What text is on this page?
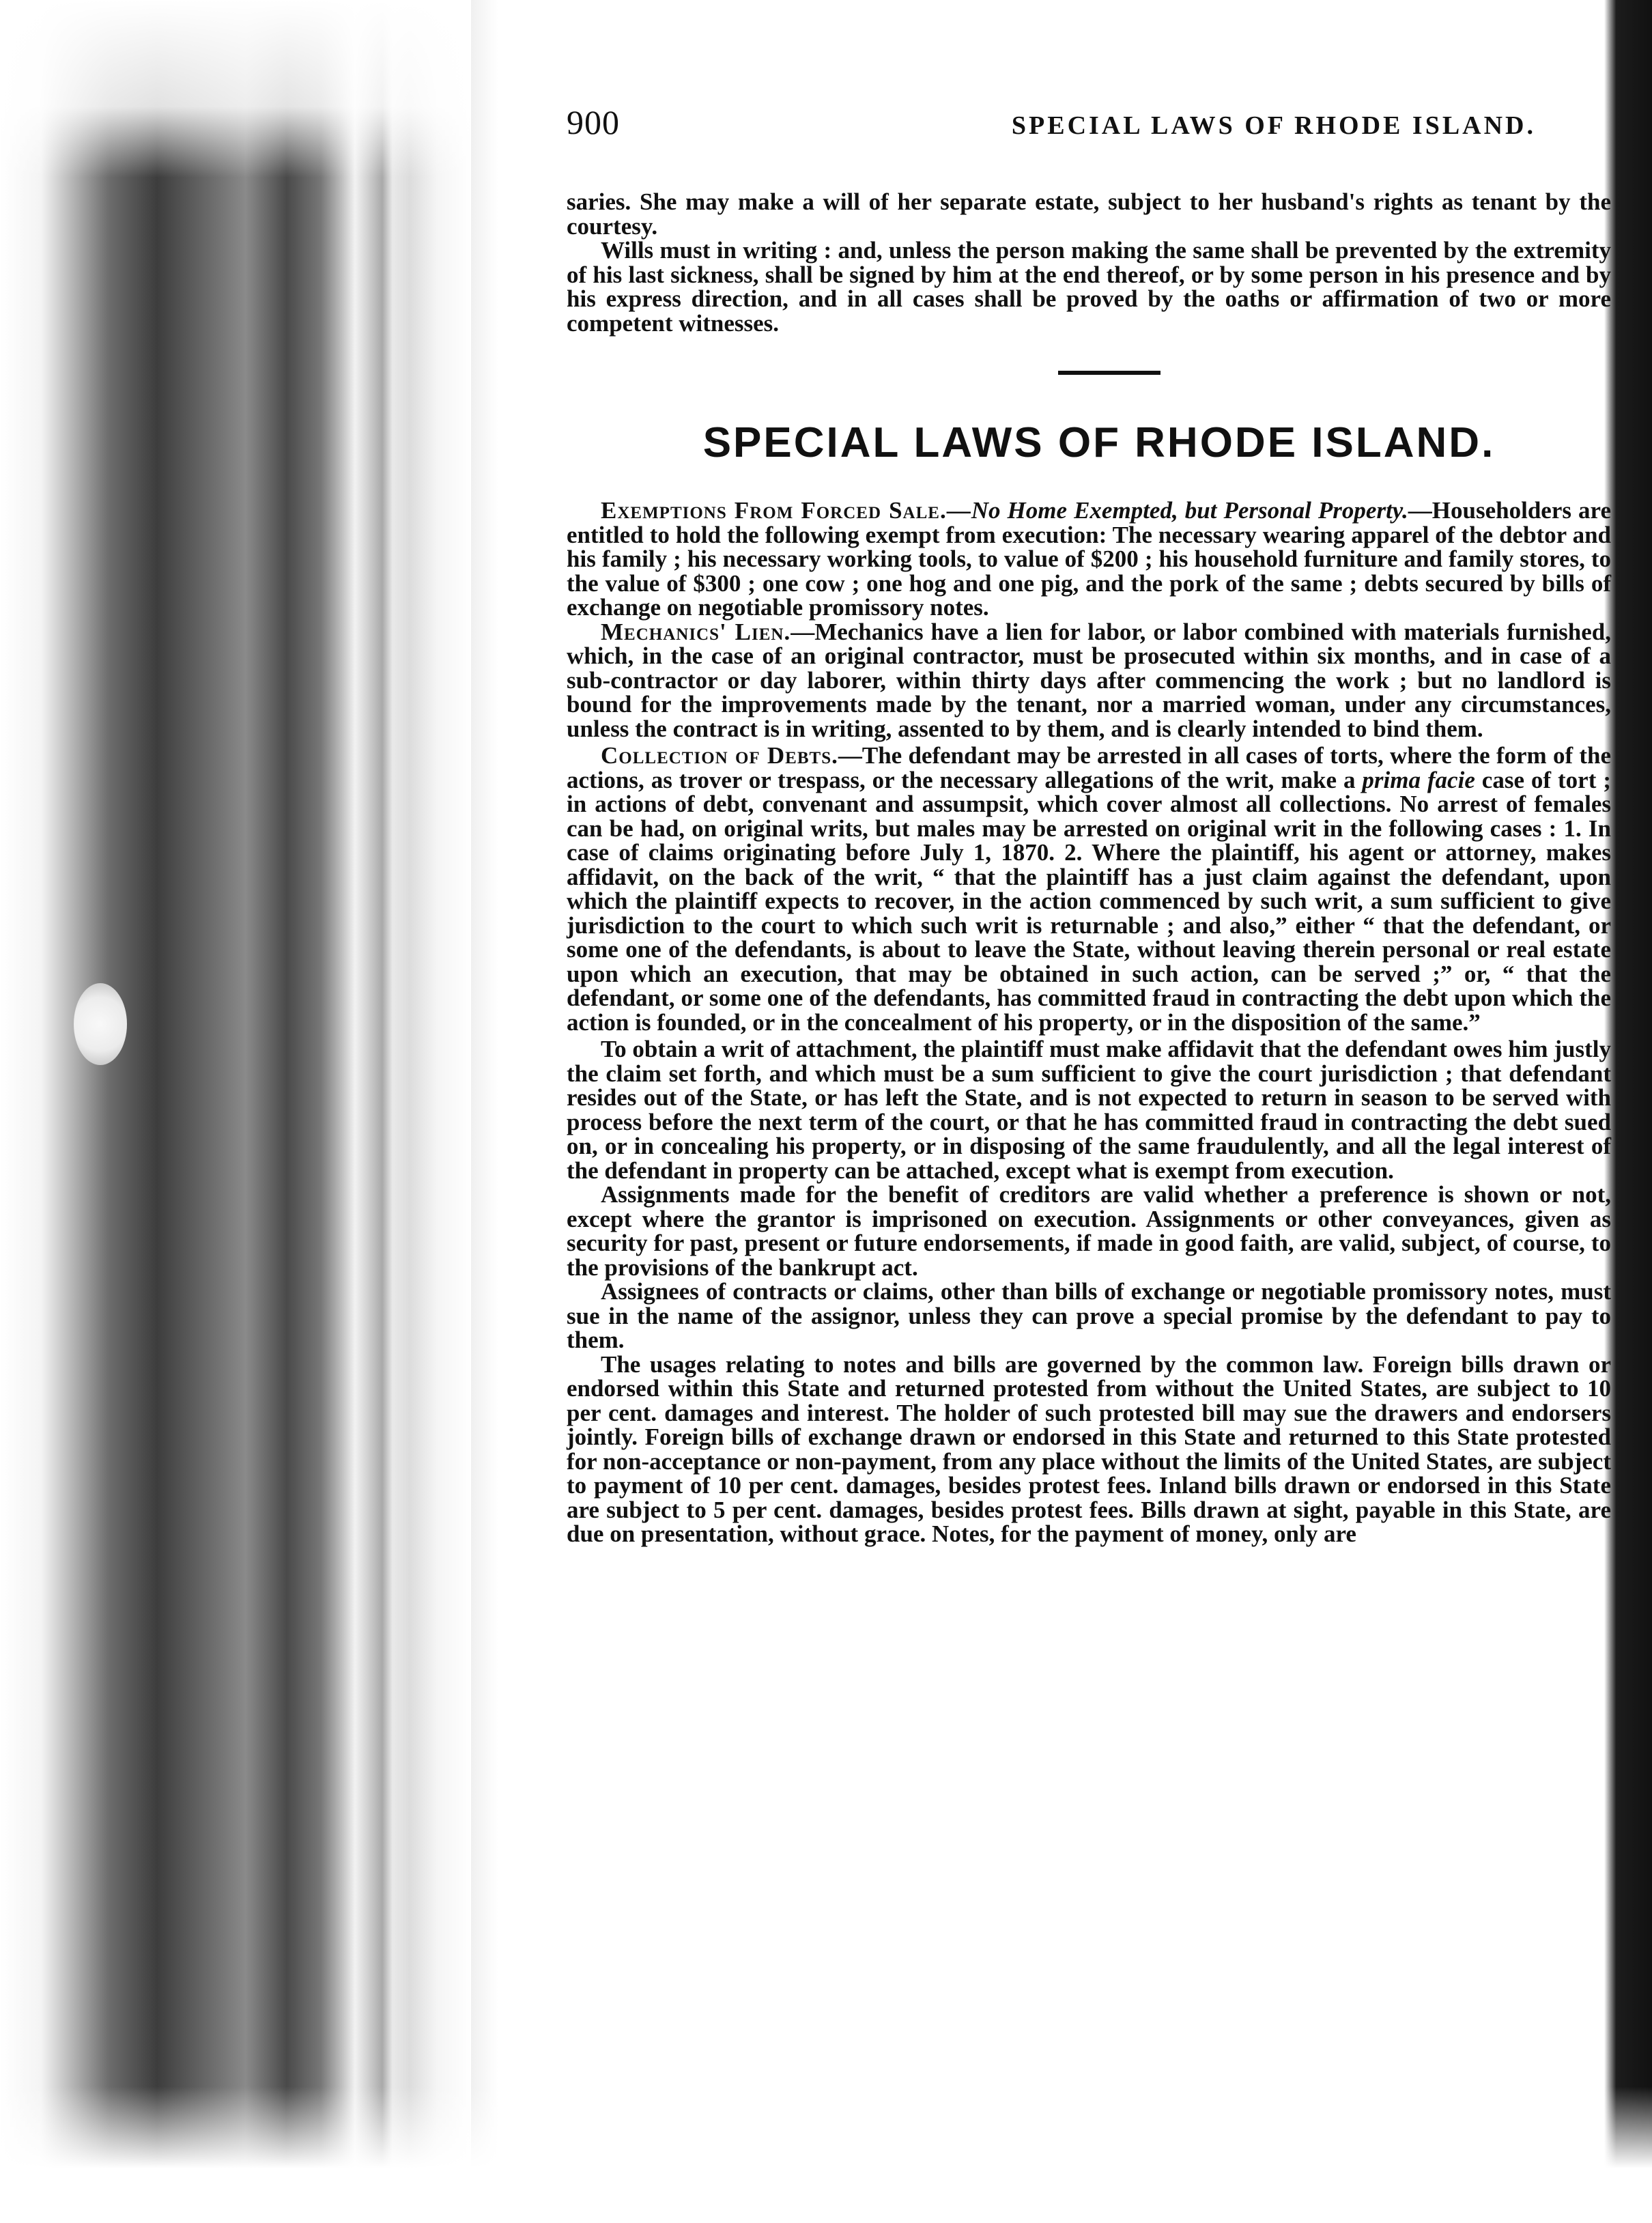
900	SPECIAL LAWS OF RHODE ISLAND.

saries. She may make a will of her separate estate, subject to her husband's rights as tenant by the courtesy.

Wills must in writing : and, unless the person making the same shall be prevented by the extremity of his last sickness, shall be signed by him at the end thereof, or by some person in his presence and by his express direction, and in all cases shall be proved by the oaths or affirmation of two or more competent witnesses.

SPECIAL LAWS OF RHODE ISLAND.

Exemptions From Forced Sale.—No Home Exempted, but Personal Property.—Householders are entitled to hold the following exempt from execution: The necessary wearing apparel of the debtor and his family ; his necessary working tools, to value of $200 ; his household furniture and family stores, to the value of $300 ; one cow ; one hog and one pig, and the pork of the same ; debts secured by bills of exchange on negotiable promissory notes.

Mechanics' Lien.—Mechanics have a lien for labor, or labor combined with materials furnished, which, in the case of an original contractor, must be prosecuted within six months, and in case of a sub-contractor or day laborer, within thirty days after commencing the work ; but no landlord is bound for the improvements made by the tenant, nor a married woman, under any circumstances, unless the contract is in writing, assented to by them, and is clearly intended to bind them.

Collection of Debts.—The defendant may be arrested in all cases of torts, where the form of the actions, as trover or trespass, or the necessary allegations of the writ, make a prima facie case of tort ; in actions of debt, convenant and assumpsit, which cover almost all collections. No arrest of females can be had, on original writs, but males may be arrested on original writ in the following cases : 1. In case of claims originating before July 1, 1870. 2. Where the plaintiff, his agent or attorney, makes affidavit, on the back of the writ, “ that the plaintiff has a just claim against the defendant, upon which the plaintiff expects to recover, in the action commenced by such writ, a sum sufficient to give jurisdiction to the court to which such writ is returnable ; and also,” either “ that the defendant, or some one of the defendants, is about to leave the State, without leaving therein personal or real estate upon which an execution, that may be obtained in such action, can be served ;” or, “ that the defendant, or some one of the defendants, has committed fraud in contracting the debt upon which the action is founded, or in the concealment of his property, or in the disposition of the same.”

To obtain a writ of attachment, the plaintiff must make affidavit that the defendant owes him justly the claim set forth, and which must be a sum sufficient to give the court jurisdiction ; that defendant resides out of the State, or has left the State, and is not expected to return in season to be served with process before the next term of the court, or that he has committed fraud in contracting the debt sued on, or in concealing his property, or in disposing of the same fraudulently, and all the legal interest of the defendant in property can be attached, except what is exempt from execution.

Assignments made for the benefit of creditors are valid whether a preference is shown or not, except where the grantor is imprisoned on execution. Assignments or other conveyances, given as security for past, present or future endorsements, if made in good faith, are valid, subject, of course, to the provisions of the bankrupt act.

Assignees of contracts or claims, other than bills of exchange or negotiable promissory notes, must sue in the name of the assignor, unless they can prove a special promise by the defendant to pay to them.

The usages relating to notes and bills are governed by the common law. Foreign bills drawn or endorsed within this State and returned protested from without the United States, are subject to 10 per cent. damages and interest. The holder of such protested bill may sue the drawers and endorsers jointly. Foreign bills of exchange drawn or endorsed in this State and returned to this State protested for non-acceptance or non-payment, from any place without the limits of the United States, are subject to payment of 10 per cent. damages, besides protest fees. Inland bills drawn or endorsed in this State are subject to 5 per cent. damages, besides protest fees. Bills drawn at sight, payable in this State, are due on presentation, without grace. Notes, for the payment of money, only are
